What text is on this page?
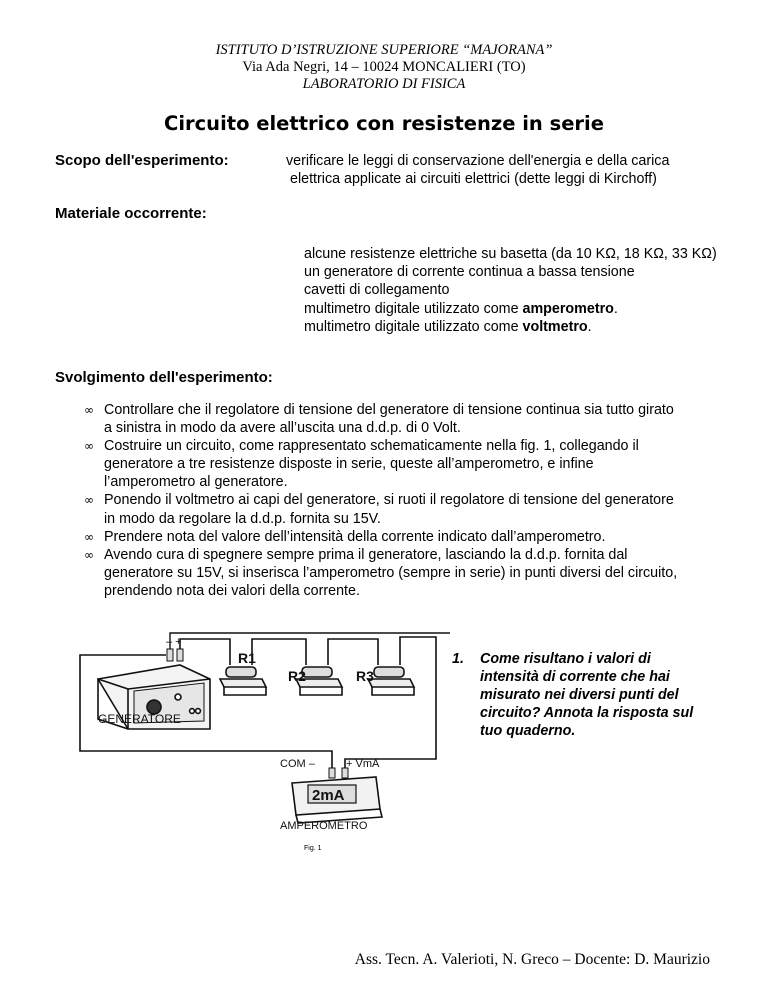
ISTITUTO D’ISTRUZIONE SUPERIORE “MAJORANA”
Via Ada Negri, 14 – 10024 MONCALIERI (TO)
LABORATORIO DI FISICA
Circuito elettrico con resistenze in serie
Scopo dell'esperimento:	verificare le leggi di conservazione dell'energia e della carica
elettrica applicate ai circuiti elettrici (dette leggi di Kirchoff)
Materiale occorrente:
alcune resistenze elettriche su basetta (da 10 KΩ, 18 KΩ, 33 KΩ)
un generatore di corrente continua a bassa tensione
cavetti di collegamento
multimetro digitale utilizzato come amperometro.
multimetro digitale utilizzato come voltmetro.
Svolgimento dell'esperimento:
∞ Controllare che il regolatore di tensione del generatore di tensione continua sia tutto girato a sinistra in modo da avere all’uscita una d.d.p. di 0 Volt.
∞ Costruire un circuito, come rappresentato schematicamente nella fig. 1, collegando il generatore a tre resistenze disposte in serie, queste all’amperometro, e infine l’amperometro al generatore.
∞ Ponendo il voltmetro ai capi del generatore, si ruoti il regolatore di tensione del generatore in modo da regolare la d.d.p. fornita su 15V.
∞ Prendere nota del valore dell’intensità della corrente indicato dall’amperometro.
∞ Avendo cura di spegnere sempre prima il generatore, lasciando la d.d.p. fornita dal generatore su 15V, si inserisca l’amperometro (sempre in serie) in punti diversi del circuito, prendendo nota dei valori della corrente.
– +
R1
R2	R3
GENERATORE
COM –	+ VmA
2mA
AMPEROMETRO
Fig. 1
1.	Come risultano i valori di intensità di corrente che hai misurato nei diversi punti del circuito? Annota la risposta sul tuo quaderno.
Ass. Tecn. A. Valerioti, N. Greco – Docente: D. Maurizio
